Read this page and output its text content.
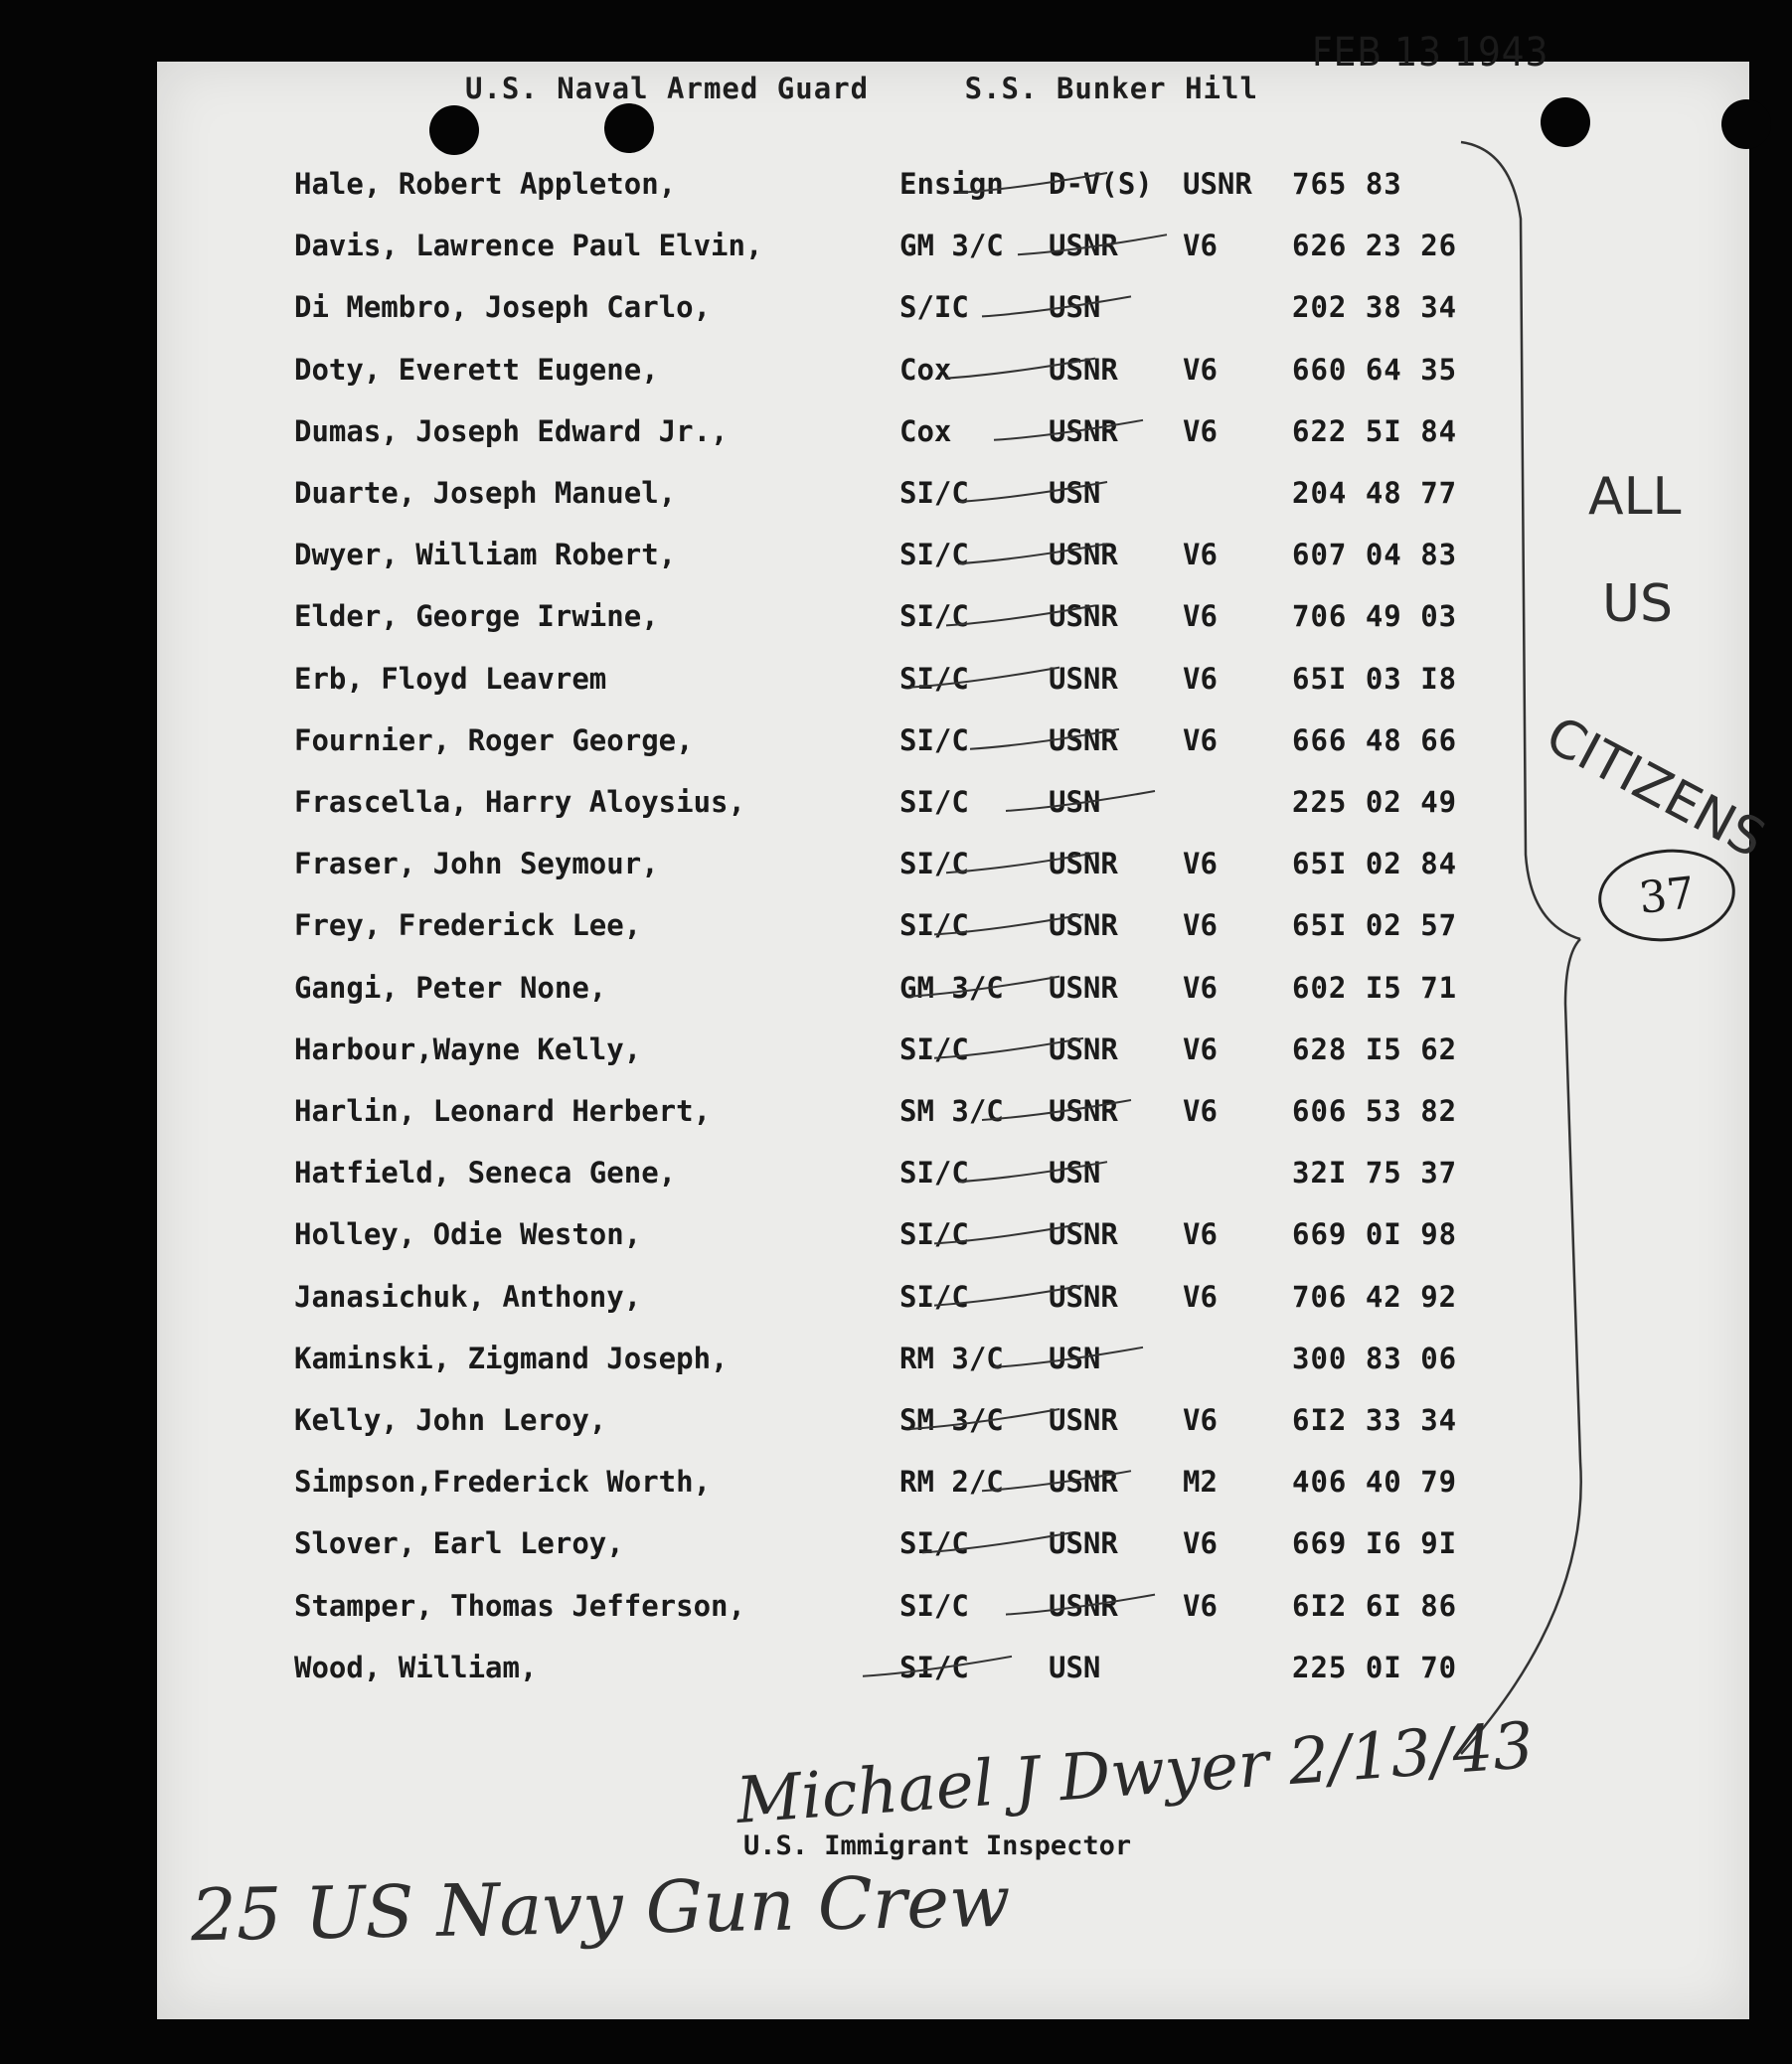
FEB 13 1943
U.S. Naval Armed Guard	S.S. Bunker Hill
Hale, Robert Appleton,	Ensign D-V(S) USNR 765 83
Davis, Lawrence Paul Elvin,	GM 3/C USNR V6	626 23 26
Di Membro, Joseph Carlo,	S/IC	USN	202 38 34
Doty, Everett Eugene,	Cox	USNR V6	660 64 35
Dumas, Joseph Edward Jr.,	Cox	USNR V6	622 5I 84
Duarte, Joseph Manuel,	SI/C	USN	204 48 77
Dwyer, William Robert,	SI/C	USNR V6	607 04 83
Elder, George Irwine,	SI/C	USNR V6	706 49 03
Erb, Floyd Leavrem	SI/C	USNR V6	65I 03 I8
Fournier, Roger George,	SI/C	USNR V6	666 48 66
Frascella, Harry Aloysius,	SI/C	USN	225 02 49
Fraser, John Seymour,	SI/C	USNR V6	65I 02 84
Frey, Frederick Lee,	SI/C	USNR V6	65I 02 57
Gangi, Peter None,	GM 3/C USNR V6	602 I5 71
Harbour,Wayne Kelly,	SI/C	USNR V6	628 I5 62
Harlin, Leonard Herbert,	SM 3/C USNR V6	606 53 82
Hatfield, Seneca Gene,	SI/C	USN	32I 75 37
Holley, Odie Weston,	SI/C	USNR V6	669 0I 98
Janasichuk, Anthony,	SI/C	USNR V6	706 42 92
Kaminski, Zigmand Joseph,	RM 3/C USN	300 83 06
Kelly, John Leroy,	SM 3/C USNR V6	6I2 33 34
Simpson,Frederick Worth,	RM 2/C USNR M2	406 40 79
Slover, Earl Leroy,	SI/C	USNR V6	669 I6 9I
Stamper, Thomas Jefferson,	SI/C	USNR V6	6I2 6I 86
Wood, William,	SI/C	USN	225 0I 70
ALL
US
CITIZENS
37
Michael J Dwyer 2/13/43
U.S. Immigrant Inspector
25 US Navy Gun Crew
